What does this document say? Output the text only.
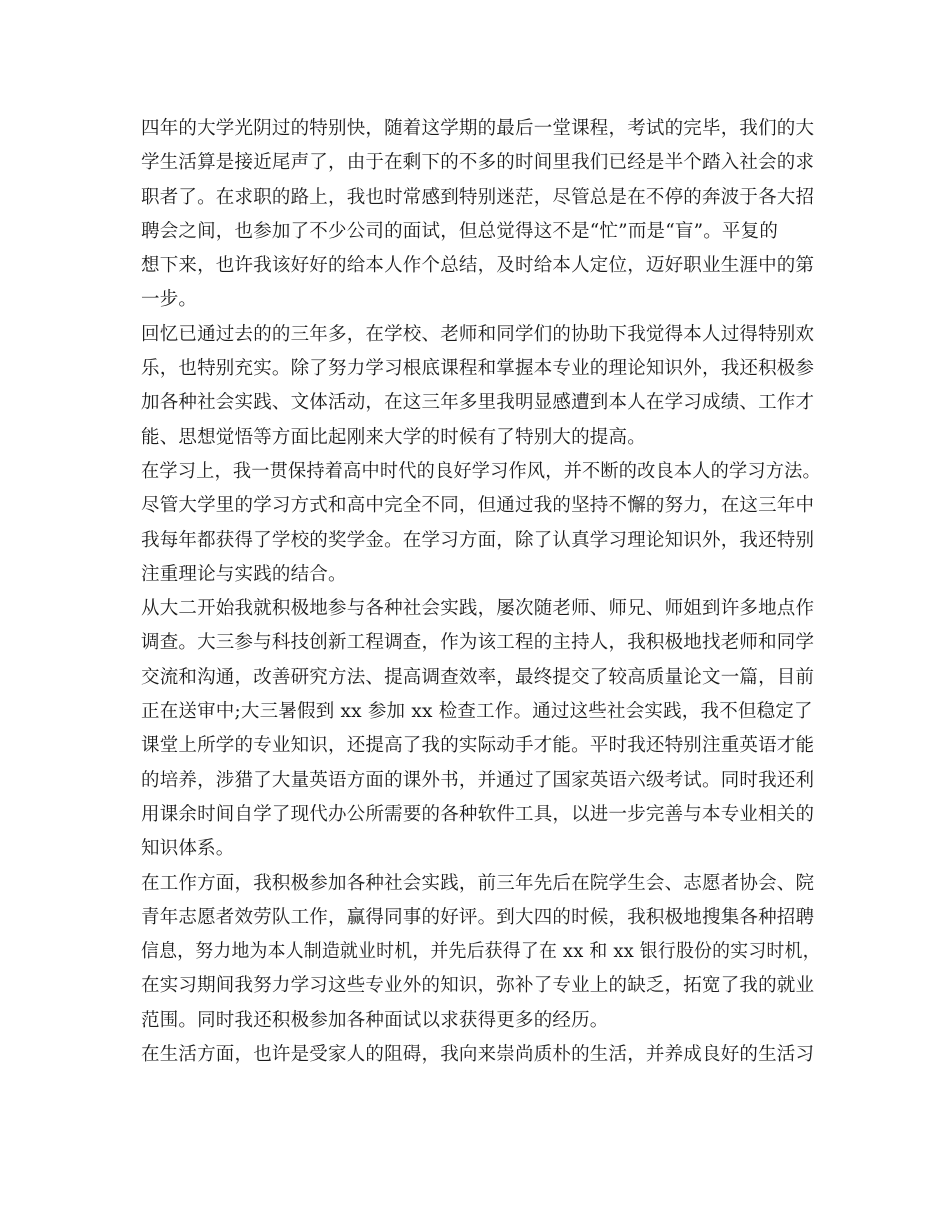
四年的大学光阴过的特别快，随着这学期的最后一堂课程，考试的完毕，我们的大
学生活算是接近尾声了，由于在剩下的不多的时间里我们已经是半个踏入社会的求
职者了。在求职的路上，我也时常感到特别迷茫，尽管总是在不停的奔波于各大招
聘会之间，也参加了不少公司的面试，但总觉得这不是“忙”而是“盲”。平复的
想下来，也许我该好好的给本人作个总结，及时给本人定位，迈好职业生涯中的第
一步。
回忆已通过去的的三年多，在学校、老师和同学们的协助下我觉得本人过得特别欢
乐，也特别充实。除了努力学习根底课程和掌握本专业的理论知识外，我还积极参
加各种社会实践、文体活动，在这三年多里我明显感遭到本人在学习成绩、工作才
能、思想觉悟等方面比起刚来大学的时候有了特别大的提高。
在学习上，我一贯保持着高中时代的良好学习作风，并不断的改良本人的学习方法。
尽管大学里的学习方式和高中完全不同，但通过我的坚持不懈的努力，在这三年中
我每年都获得了学校的奖学金。在学习方面，除了认真学习理论知识外，我还特别
注重理论与实践的结合。
从大二开始我就积极地参与各种社会实践，屡次随老师、师兄、师姐到许多地点作
调查。大三参与科技创新工程调查，作为该工程的主持人，我积极地找老师和同学
交流和沟通，改善研究方法、提高调查效率，最终提交了较高质量论文一篇，目前
正在送审中;大三暑假到 xx 参加 xx 检查工作。通过这些社会实践，我不但稳定了
课堂上所学的专业知识，还提高了我的实际动手才能。平时我还特别注重英语才能
的培养，涉猎了大量英语方面的课外书，并通过了国家英语六级考试。同时我还利
用课余时间自学了现代办公所需要的各种软件工具，以进一步完善与本专业相关的
知识体系。
在工作方面，我积极参加各种社会实践，前三年先后在院学生会、志愿者协会、院
青年志愿者效劳队工作，赢得同事的好评。到大四的时候，我积极地搜集各种招聘
信息，努力地为本人制造就业时机，并先后获得了在 xx 和 xx 银行股份的实习时机，
在实习期间我努力学习这些专业外的知识，弥补了专业上的缺乏，拓宽了我的就业
范围。同时我还积极参加各种面试以求获得更多的经历。
在生活方面，也许是受家人的阻碍，我向来崇尚质朴的生活，并养成良好的生活习
